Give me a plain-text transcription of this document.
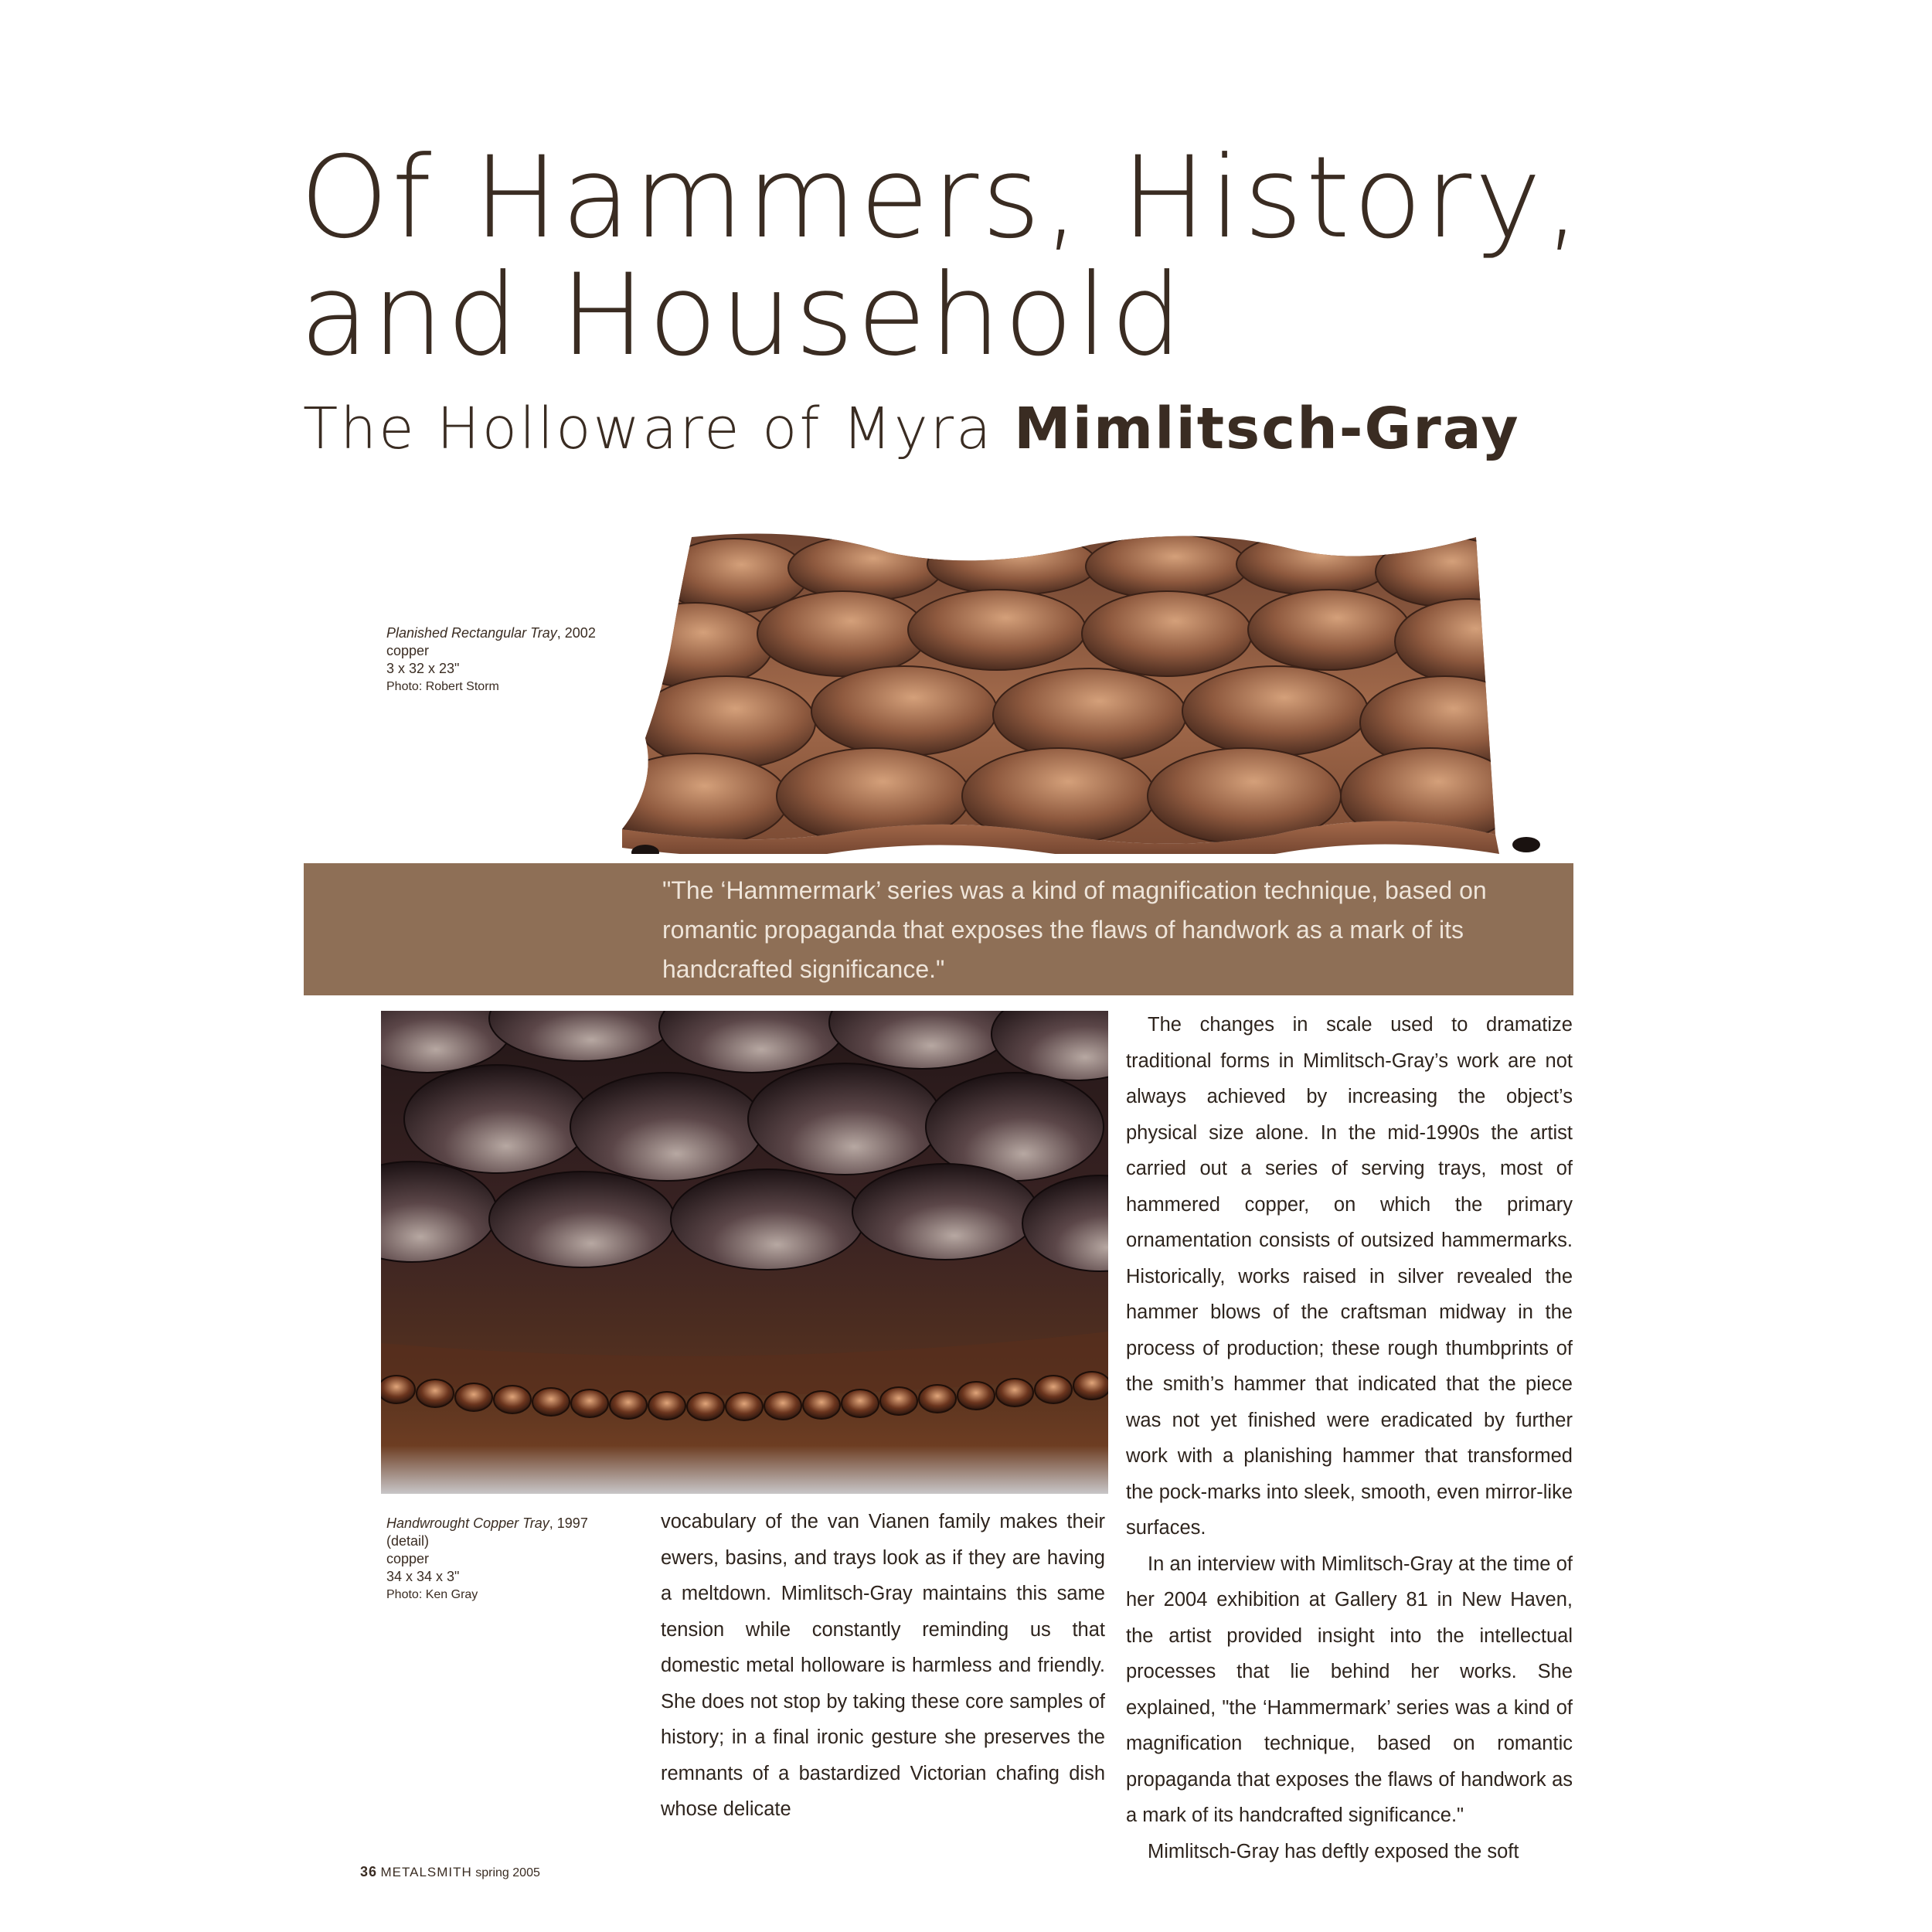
Of Hammers, History,
and Household
The Holloware of Myra Mimlitsch-Gray
Planished Rectangular Tray, 2002
copper
3 x 32 x 23"
Photo: Robert Storm
"The ‘Hammermark’ series was a kind of magnification technique, based on romantic propaganda that exposes the flaws of handwork as a mark of its handcrafted significance."
Handwrought Copper Tray, 1997
(detail)
copper
34 x 34 x 3"
Photo: Ken Gray

vocabulary of the van Vianen family makes their ewers, basins, and trays look as if they are having a meltdown. Mimlitsch-Gray maintains this same tension while constantly reminding us that domestic metal holloware is harmless and friendly. She does not stop by taking these core samples of history; in a final ironic gesture she preserves the remnants of a bastardized Victorian chafing dish whose delicate

The changes in scale used to dramatize traditional forms in Mimlitsch-Gray’s work are not always achieved by increasing the object’s physical size alone. In the mid-1990s the artist carried out a series of serving trays, most of hammered copper, on which the primary ornamentation consists of outsized hammermarks. Historically, works raised in silver revealed the hammer blows of the craftsman midway in the process of production; these rough thumbprints of the smith’s hammer that indicated that the piece was not yet finished were eradicated by further work with a planishing hammer that transformed the pock-marks into sleek, smooth, even mirror-like surfaces.

In an interview with Mimlitsch-Gray at the time of her 2004 exhibition at Gallery 81 in New Haven, the artist provided insight into the intellectual processes that lie behind her works. She explained, "the ‘Hammermark’ series was a kind of magnification technique, based on romantic propaganda that exposes the flaws of handwork as a mark of its handcrafted significance."

Mimlitsch-Gray has deftly exposed the soft

36 METALSMITH spring 2005
